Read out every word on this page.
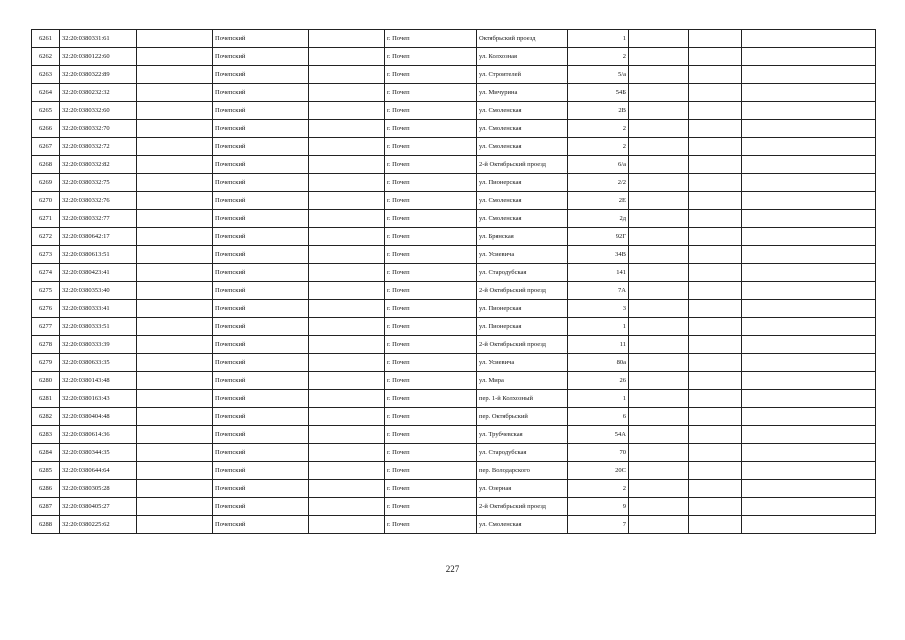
6261	32:20:0380331:61		Почепский		г. Почеп	Октябрьский проезд	1			
6262	32:20:0380122:60		Почепский		г. Почеп	ул. Колхозная	2			
6263	32:20:0380322:89		Почепский		г. Почеп	ул. Строителей	5/а			
6264	32:20:0380232:32		Почепский		г. Почеп	ул. Мичурина	54Б			
6265	32:20:0380332:60		Почепский		г. Почеп	ул. Смоленская	2В			
6266	32:20:0380332:70		Почепский		г. Почеп	ул. Смоленская	2			
6267	32:20:0380332:72		Почепский		г. Почеп	ул. Смоленская	2			
6268	32:20:0380332:82		Почепский		г. Почеп	2-й Октябрьский проезд	6/а			
6269	32:20:0380332:75		Почепский		г. Почеп	ул. Пионерская	2/2			
6270	32:20:0380332:76		Почепский		г. Почеп	ул. Смоленская	2Е			
6271	32:20:0380332:77		Почепский		г. Почеп	ул. Смоленская	2д			
6272	32:20:0380642:17		Почепский		г. Почеп	ул. Брянская	92Г			
6273	32:20:0380613:51		Почепский		г. Почеп	ул. Усиевича	34В			
6274	32:20:0380423:41		Почепский		г. Почеп	ул. Стародубская	141			
6275	32:20:0380353:40		Почепский		г. Почеп	2-й Октябрьский проезд	7А			
6276	32:20:0380333:41		Почепский		г. Почеп	ул. Пионерская	3			
6277	32:20:0380333:51		Почепский		г. Почеп	ул. Пионерская	1			
6278	32:20:0380333:39		Почепский		г. Почеп	2-й Октябрьский проезд	11			
6279	32:20:0380633:35		Почепский		г. Почеп	ул. Усиевича	80а			
6280	32:20:0380143:48		Почепский		г. Почеп	ул. Мира	26			
6281	32:20:0380163:43		Почепский		г. Почеп	пер. 1-й Колхозный	1			
6282	32:20:0380404:48		Почепский		г. Почеп	пер. Октябрьский	6			
6283	32:20:0380614:36		Почепский		г. Почеп	ул. Трубчевская	54А			
6284	32:20:0380344:35		Почепский		г. Почеп	ул. Стародубская	70			
6285	32:20:0380644:64		Почепский		г. Почеп	пер. Володарского	20С			
6286	32:20:0380305:28		Почепский		г. Почеп	ул. Озерная	2			
6287	32:20:0380405:27		Почепский		г. Почеп	2-й Октябрьский проезд	9			
6288	32:20:0380225:62		Почепский		г. Почеп	ул. Смоленская	7			
227
